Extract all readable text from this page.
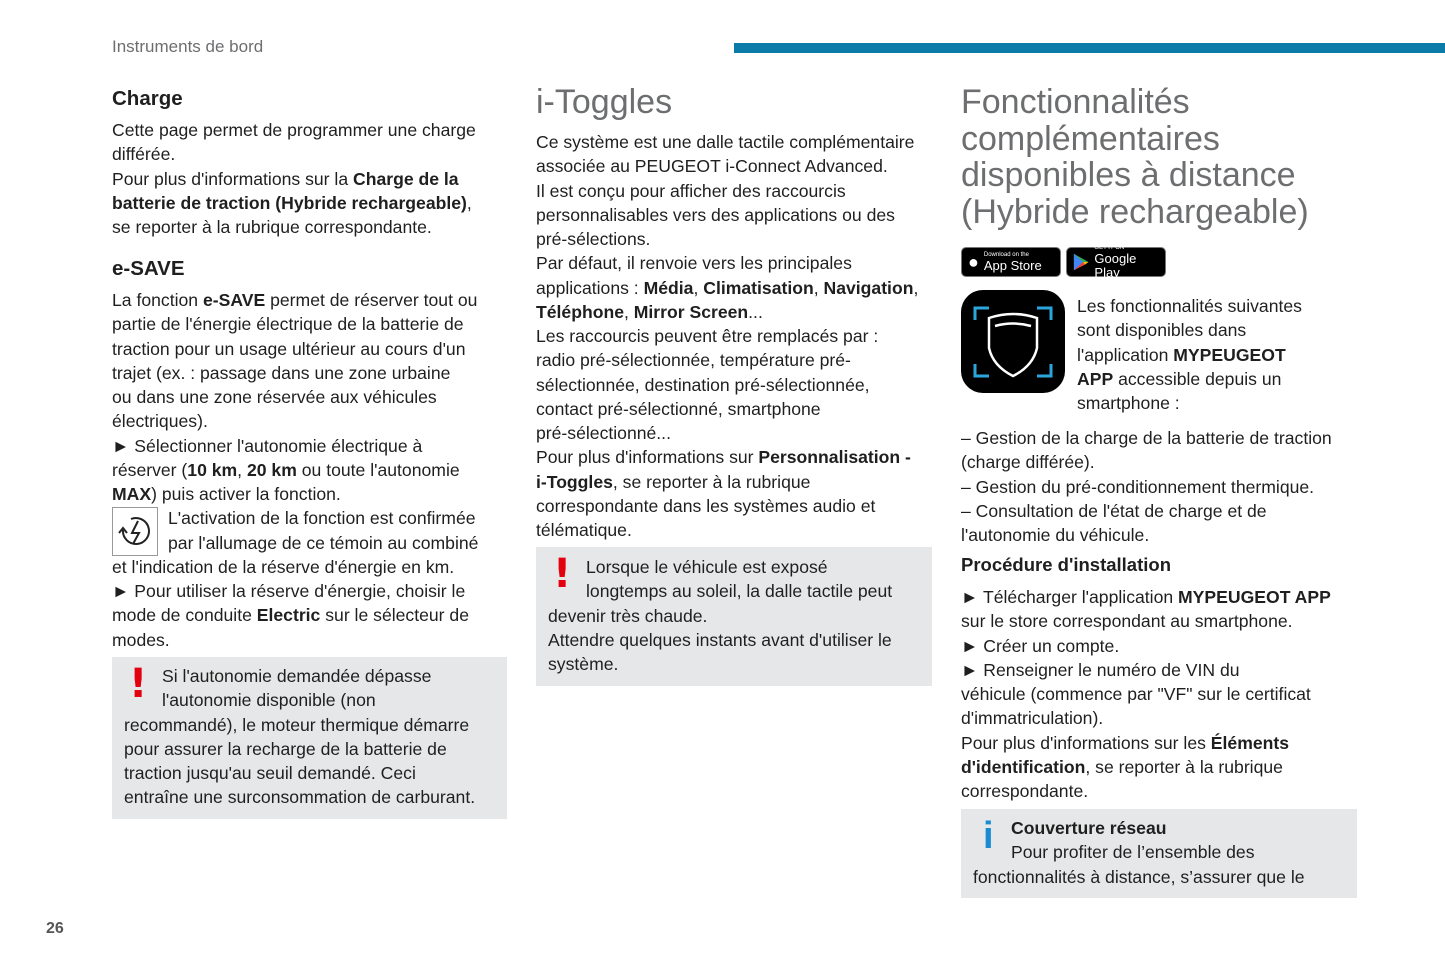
Instruments de bord
26
Charge
Cette page permet de programmer une charge
différée.
Pour plus d'informations sur la Charge de la
batterie de traction (Hybride rechargeable),
se reporter à la rubrique correspondante.
e-SAVE
La fonction e-SAVE permet de réserver tout ou
partie de l'énergie électrique de la batterie de
traction pour un usage ultérieur au cours d'un
trajet (ex. : passage dans une zone urbaine
ou dans une zone réservée aux véhicules
électriques).
► Sélectionner l'autonomie électrique à
réserver (10 km, 20 km ou toute l'autonomie
MAX) puis activer la fonction.
L'activation de la fonction est confirmée
par l'allumage de ce témoin au combiné
et l'indication de la réserve d'énergie en km.
► Pour utiliser la réserve d'énergie, choisir le
mode de conduite Electric sur le sélecteur de
modes.
! Si l'autonomie demandée dépasse
l'autonomie disponible (non
recommandé), le moteur thermique démarre
pour assurer la recharge de la batterie de
traction jusqu'au seuil demandé. Ceci
entraîne une surconsommation de carburant.
i-Toggles
Ce système est une dalle tactile complémentaire
associée au PEUGEOT i-Connect Advanced.
Il est conçu pour afficher des raccourcis
personnalisables vers des applications ou des
pré-sélections.
Par défaut, il renvoie vers les principales
applications : Média, Climatisation, Navigation,
Téléphone, Mirror Screen...
Les raccourcis peuvent être remplacés par :
radio pré-sélectionnée, température pré-
sélectionnée, destination pré-sélectionnée,
contact pré-sélectionné, smartphone
pré-sélectionné...
Pour plus d'informations sur Personnalisation -
i-Toggles, se reporter à la rubrique
correspondante dans les systèmes audio et
télématique.
! Lorsque le véhicule est exposé
longtemps au soleil, la dalle tactile peut
devenir très chaude.
Attendre quelques instants avant d'utiliser le
système.
Fonctionnalités
complémentaires
disponibles à distance
(Hybride rechargeable)
● Download on the
App Store
GET IT ON
Google Play
Les fonctionnalités suivantes
sont disponibles dans
l'application MYPEUGEOT
APP accessible depuis un
smartphone :
– Gestion de la charge de la batterie de traction
(charge différée).
– Gestion du pré-conditionnement thermique.
– Consultation de l'état de charge et de
l'autonomie du véhicule.
Procédure d'installation
► Télécharger l'application MYPEUGEOT APP
sur le store correspondant au smartphone.
► Créer un compte.
► Renseigner le numéro de VIN du
véhicule (commence par "VF" sur le certificat
d'immatriculation).
Pour plus d'informations sur les Éléments
d'identification, se reporter à la rubrique
correspondante.
i Couverture réseau
Pour profiter de l’ensemble des
fonctionnalités à distance, s’assurer que le
